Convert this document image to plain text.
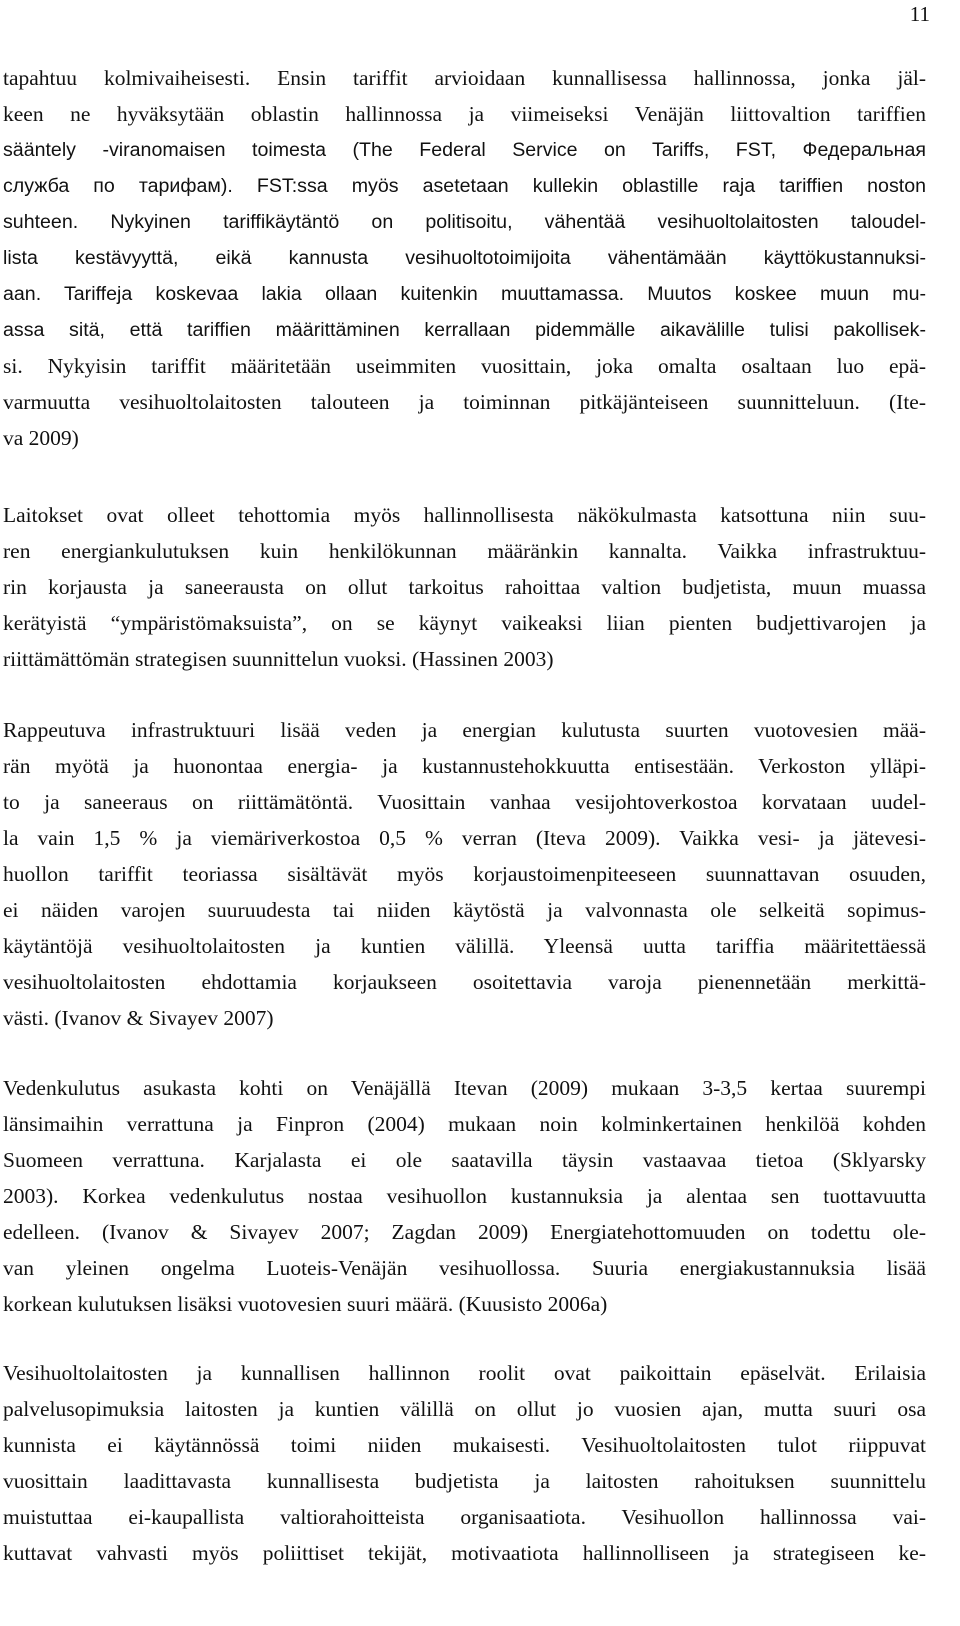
11
tapahtuu kolmivaiheisesti. Ensin tariffit arvioidaan kunnallisessa hallinnossa, jonka jäl-
keen ne hyväksytään oblastin hallinnossa ja viimeiseksi Venäjän liittovaltion tariffien
sääntely -viranomaisen toimesta (The Federal Service on Tariffs, FST, Федеральная
служба по тарифам). FST:ssa myös asetetaan kullekin oblastille raja tariffien noston
suhteen. Nykyinen tariffikäytäntö on politisoitu, vähentää vesihuoltolaitosten taloudel-
lista kestävyyttä, eikä kannusta vesihuoltotoimijoita vähentämään käyttökustannuksi-
aan. Tariffeja koskevaa lakia ollaan kuitenkin muuttamassa. Muutos koskee muun mu-
assa sitä, että tariffien määrittäminen kerrallaan pidemmälle aikavälille tulisi pakollisek-
si. Nykyisin tariffit määritetään useimmiten vuosittain, joka omalta osaltaan luo epä-
varmuutta vesihuoltolaitosten talouteen ja toiminnan pitkäjänteiseen suunnitteluun. (Ite-
va 2009)
Laitokset ovat olleet tehottomia myös hallinnollisesta näkökulmasta katsottuna niin suu-
ren energiankulutuksen kuin henkilökunnan määränkin kannalta. Vaikka infrastruktuu-
rin korjausta ja saneerausta on ollut tarkoitus rahoittaa valtion budjetista, muun muassa
kerätyistä “ympäristömaksuista”, on se käynyt vaikeaksi liian pienten budjettivarojen ja
riittämättömän strategisen suunnittelun vuoksi. (Hassinen 2003)
Rappeutuva infrastruktuuri lisää veden ja energian kulutusta suurten vuotovesien mää-
rän myötä ja huonontaa energia- ja kustannustehokkuutta entisestään. Verkoston ylläpi-
to ja saneeraus on riittämätöntä. Vuosittain vanhaa vesijohtoverkostoa korvataan uudel-
la vain 1,5 % ja viemäriverkostoa 0,5 % verran (Iteva 2009). Vaikka vesi- ja jätevesi-
huollon tariffit teoriassa sisältävät myös korjaustoimenpiteeseen suunnattavan osuuden,
ei näiden varojen suuruudesta tai niiden käytöstä ja valvonnasta ole selkeitä sopimus-
käytäntöjä vesihuoltolaitosten ja kuntien välillä. Yleensä uutta tariffia määritettäessä
vesihuoltolaitosten ehdottamia korjaukseen osoitettavia varoja pienennetään merkittä-
västi. (Ivanov & Sivayev 2007)
Vedenkulutus asukasta kohti on Venäjällä Itevan (2009) mukaan 3-3,5 kertaa suurempi
länsimaihin verrattuna ja Finpron (2004) mukaan noin kolminkertainen henkilöä kohden
Suomeen verrattuna. Karjalasta ei ole saatavilla täysin vastaavaa tietoa (Sklyarsky
2003). Korkea vedenkulutus nostaa vesihuollon kustannuksia ja alentaa sen tuottavuutta
edelleen. (Ivanov & Sivayev 2007; Zagdan 2009) Energiatehottomuuden on todettu ole-
van yleinen ongelma Luoteis-Venäjän vesihuollossa. Suuria energiakustannuksia lisää
korkean kulutuksen lisäksi vuotovesien suuri määrä. (Kuusisto 2006a)
Vesihuoltolaitosten ja kunnallisen hallinnon roolit ovat paikoittain epäselvät. Erilaisia
palvelusopimuksia laitosten ja kuntien välillä on ollut jo vuosien ajan, mutta suuri osa
kunnista ei käytännössä toimi niiden mukaisesti. Vesihuoltolaitosten tulot riippuvat
vuosittain laadittavasta kunnallisesta budjetista ja laitosten rahoituksen suunnittelu
muistuttaa ei-kaupallista valtiorahoitteista organisaatiota. Vesihuollon hallinnossa vai-
kuttavat vahvasti myös poliittiset tekijät, motivaatiota hallinnolliseen ja strategiseen ke-
